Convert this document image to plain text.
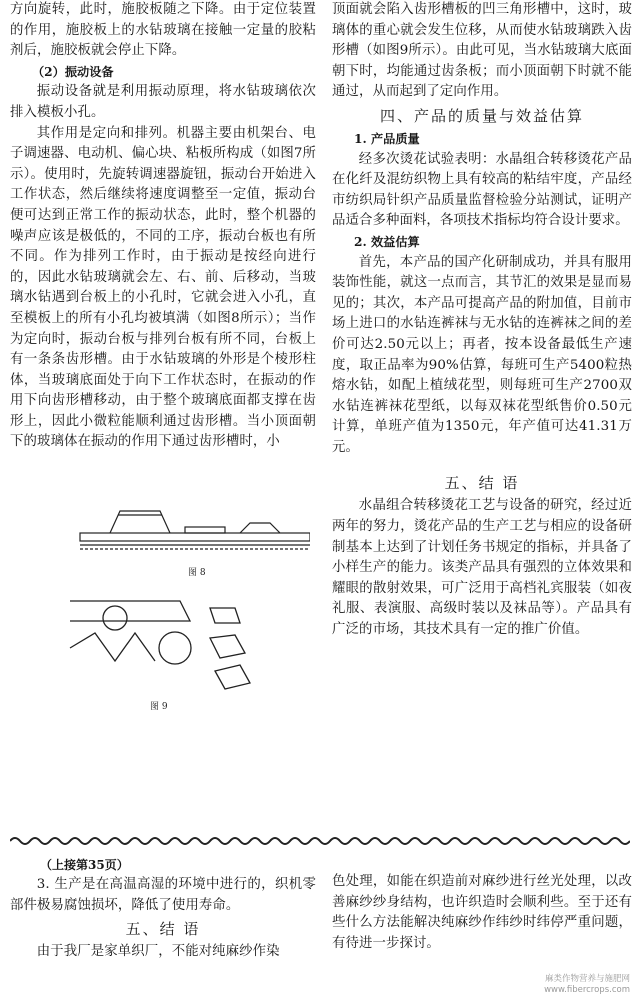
方向旋转，此时，施胶板随之下降。由于定位装置的作用，施胶板上的水钻玻璃在接触一定量的胶粘剂后，施胶板就会停止下降。

（2）振动设备

振动设备就是利用振动原理，将水钻玻璃依次排入模板小孔。

其作用是定向和排列。机器主要由机架台、电子调速器、电动机、偏心块、粘板所构成（如图7所示）。使用时，先旋转调速器旋钮，振动台开始进入工作状态，然后继续将速度调整至一定值，振动台便可达到正常工作的振动状态，此时，整个机器的噪声应该是极低的，不同的工序，振动台板也有所不同。作为排列工作时，由于振动是按经向进行的，因此水钻玻璃就会左、右、前、后移动，当玻璃水钻遇到台板上的小孔时，它就会进入小孔，直至模板上的所有小孔均被填满（如图8所示）；当作为定向时，振动台板与排列台板有所不同，台板上有一条条齿形槽。由于水钻玻璃的外形是个棱形柱体，当玻璃底面处于向下工作状态时，在振动的作用下向齿形槽移动，由于整个玻璃底面都支撑在齿形上，因此小微粒能顺利通过齿形槽。当小顶面朝下的玻璃体在振动的作用下通过齿形槽时，小

图 8
图 9

顶面就会陷入齿形槽板的凹三角形槽中，这时，玻璃体的重心就会发生位移，从而使水钻玻璃跌入齿形槽（如图9所示）。由此可见，当水钻玻璃大底面朝下时，均能通过齿条板；而小顶面朝下时就不能通过，从而起到了定向作用。

四、产品的质量与效益估算

1. 产品质量

经多次烫花试验表明：水晶组合转移烫花产品在化纤及混纺织物上具有较高的粘结牢度，产品经市纺织局针织产品质量监督检验分站测试，证明产品适合多种面料，各项技术指标均符合设计要求。

2. 效益估算

首先，本产品的国产化研制成功，并具有服用装饰性能，就这一点而言，其节汇的效果是显而易见的；其次，本产品可提高产品的附加值，目前市场上进口的水钻连裤袜与无水钻的连裤袜之间的差价可达2.50元以上；再者，按本设备最低生产速度，取正品率为90%估算，每班可生产5400粒热熔水钻，如配上植绒花型，则每班可生产2700双水钻连裤袜花型纸，以每双袜花型纸售价0.50元计算，单班产值为1350元，年产值可达41.31万元。

五、结 语

水晶组合转移烫花工艺与设备的研究，经过近两年的努力，烫花产品的生产工艺与相应的设备研制基本上达到了计划任务书规定的指标，并具备了小样生产的能力。该类产品具有强烈的立体效果和耀眼的散射效果，可广泛用于高档礼宾服装（如夜礼服、表演服、高级时装以及袜品等）。产品具有广泛的市场，其技术具有一定的推广价值。

（上接第35页）

3. 生产是在高温高湿的环境中进行的，织机零部件极易腐蚀损坏，降低了使用寿命。

五、结 语

由于我厂是家单织厂，不能对纯麻纱作染

色处理，如能在织造前对麻纱进行丝光处理，以改善麻纱纱身结构，也许织造时会顺利些。至于还有些什么方法能解决纯麻纱作纬纱时纬停严重问题，有待进一步探讨。

麻类作物营养与施肥网
www.fibercrops.com
